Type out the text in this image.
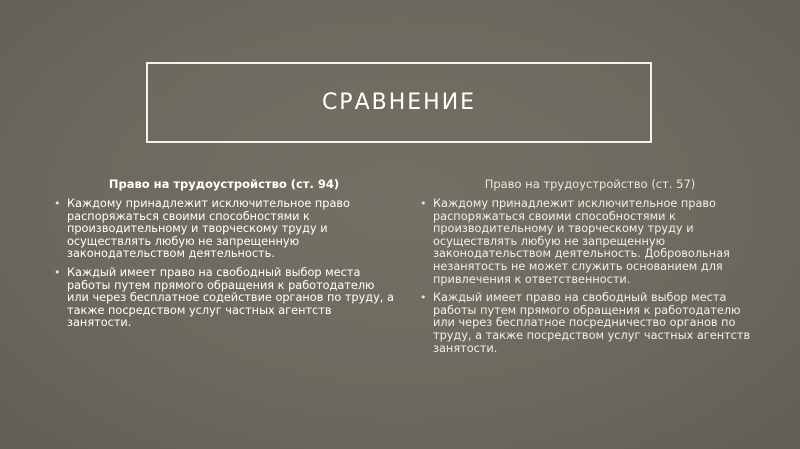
СРАВНЕНИЕ
Право на трудоустройство (ст. 94)
• Каждому принадлежит исключительное право распоряжаться своими способностями к производительному и творческому труду и осуществлять любую не запрещенную законодательством деятельность.
• Каждый имеет право на свободный выбор места работы путем прямого обращения к работодателю или через бесплатное содействие органов по труду, а также посредством услуг частных агентств занятости.
Право на трудоустройство (ст. 57)
• Каждому принадлежит исключительное право распоряжаться своими способностями к производительному и творческому труду и осуществлять любую не запрещенную законодательством деятельность. Добровольная незанятость не может служить основанием для привлечения к ответственности.
• Каждый имеет право на свободный выбор места работы путем прямого обращения к работодателю или через бесплатное посредничество органов по труду, а также посредством услуг частных агентств занятости.
